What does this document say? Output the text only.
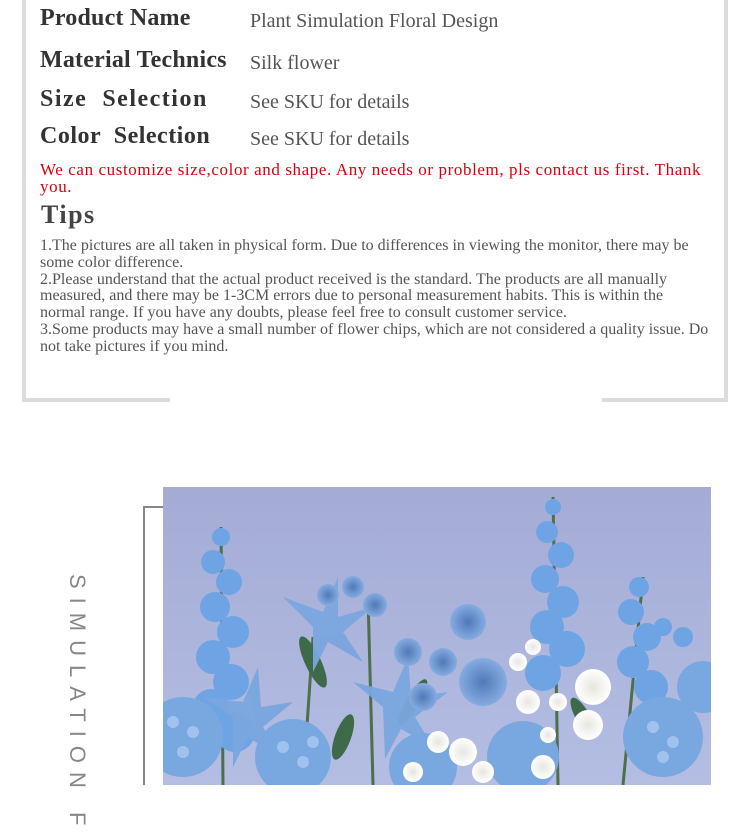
Product Name	Plant Simulation Floral Design
Material Technics Silk flower
Size  Selection See SKU for details
Color  Selection See SKU for details
We can customize size,color and shape. Any needs or problem, pls contact us first. Thank you.
Tips

1.The pictures are all taken in physical form. Due to differences in viewing the monitor, there may be some color difference.

2.Please understand that the actual product received is the standard. The products are all manually measured, and there may be 1-3CM errors due to personal measurement habits. This is within the normal range. If you have any doubts, please feel free to consult customer service.

3.Some products may have a small number of flower chips, which are not considered a quality issue. Do not take pictures if you mind.

SIMULATION F
